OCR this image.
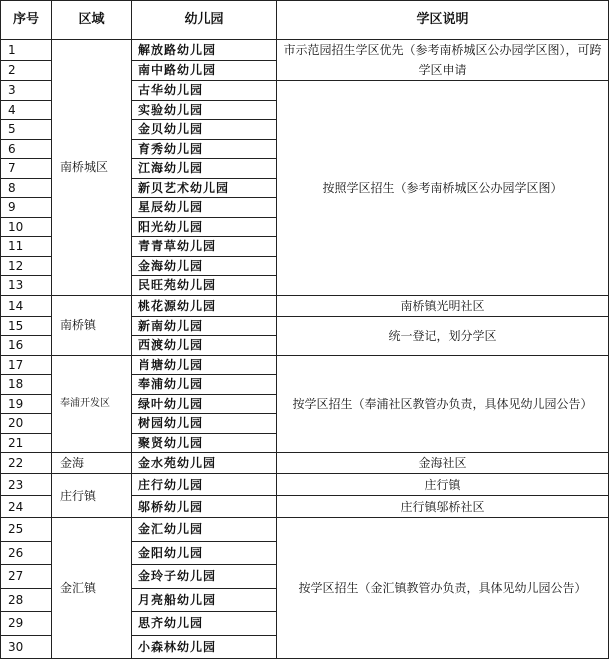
序号	区域	幼儿园	学区说明
1	南桥城区	解放路幼儿园	市示范园招生学区优先（参考南桥城区公办园学区图），可跨学区申请
2		南中路幼儿园	
3		古华幼儿园	按照学区招生（参考南桥城区公办园学区图）
4		实验幼儿园	
5		金贝幼儿园	
6		育秀幼儿园	
7		江海幼儿园	
8		新贝艺术幼儿园	
9		星辰幼儿园	
10		阳光幼儿园	
11		青青草幼儿园	
12		金海幼儿园	
13		民旺苑幼儿园	
14	南桥镇	桃花源幼儿园	南桥镇光明社区
15		新南幼儿园	统一登记，划分学区
16		西渡幼儿园	
17	奉浦开发区	肖塘幼儿园	按学区招生（奉浦社区教管办负责，具体见幼儿园公告）
18		奉浦幼儿园	
19		绿叶幼儿园	
20		树园幼儿园	
21		聚贤幼儿园	
22	金海	金水苑幼儿园	金海社区
23	庄行镇	庄行幼儿园	庄行镇
24		邬桥幼儿园	庄行镇邬桥社区
25	金汇镇	金汇幼儿园	按学区招生（金汇镇教管办负责，具体见幼儿园公告）
26		金阳幼儿园	
27		金玲子幼儿园	
28		月亮船幼儿园	
29		思齐幼儿园	
30		小森林幼儿园	
